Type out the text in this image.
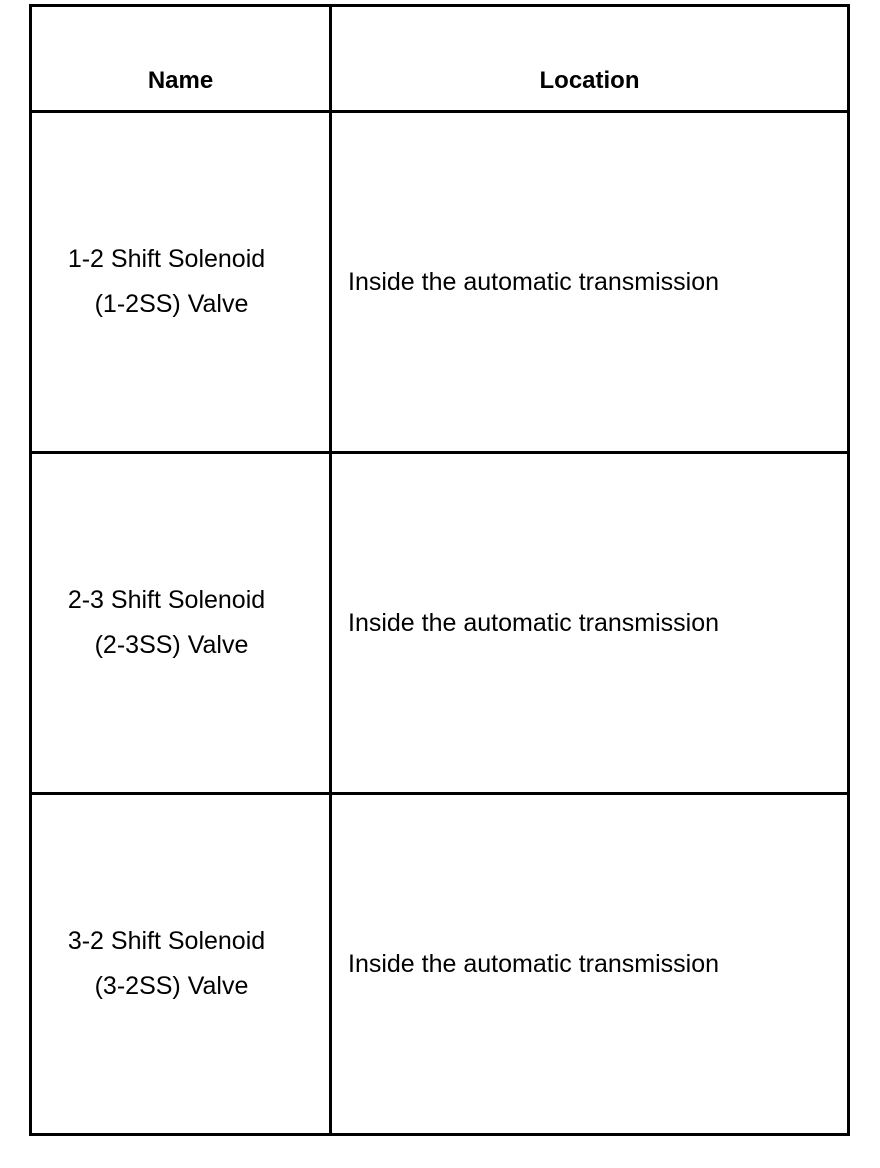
Name	Location

1-2 Shift Solenoid
(1-2SS) Valve	Inside the automatic transmission

2-3 Shift Solenoid
(2-3SS) Valve	Inside the automatic transmission

3-2 Shift Solenoid
(3-2SS) Valve	Inside the automatic transmission
